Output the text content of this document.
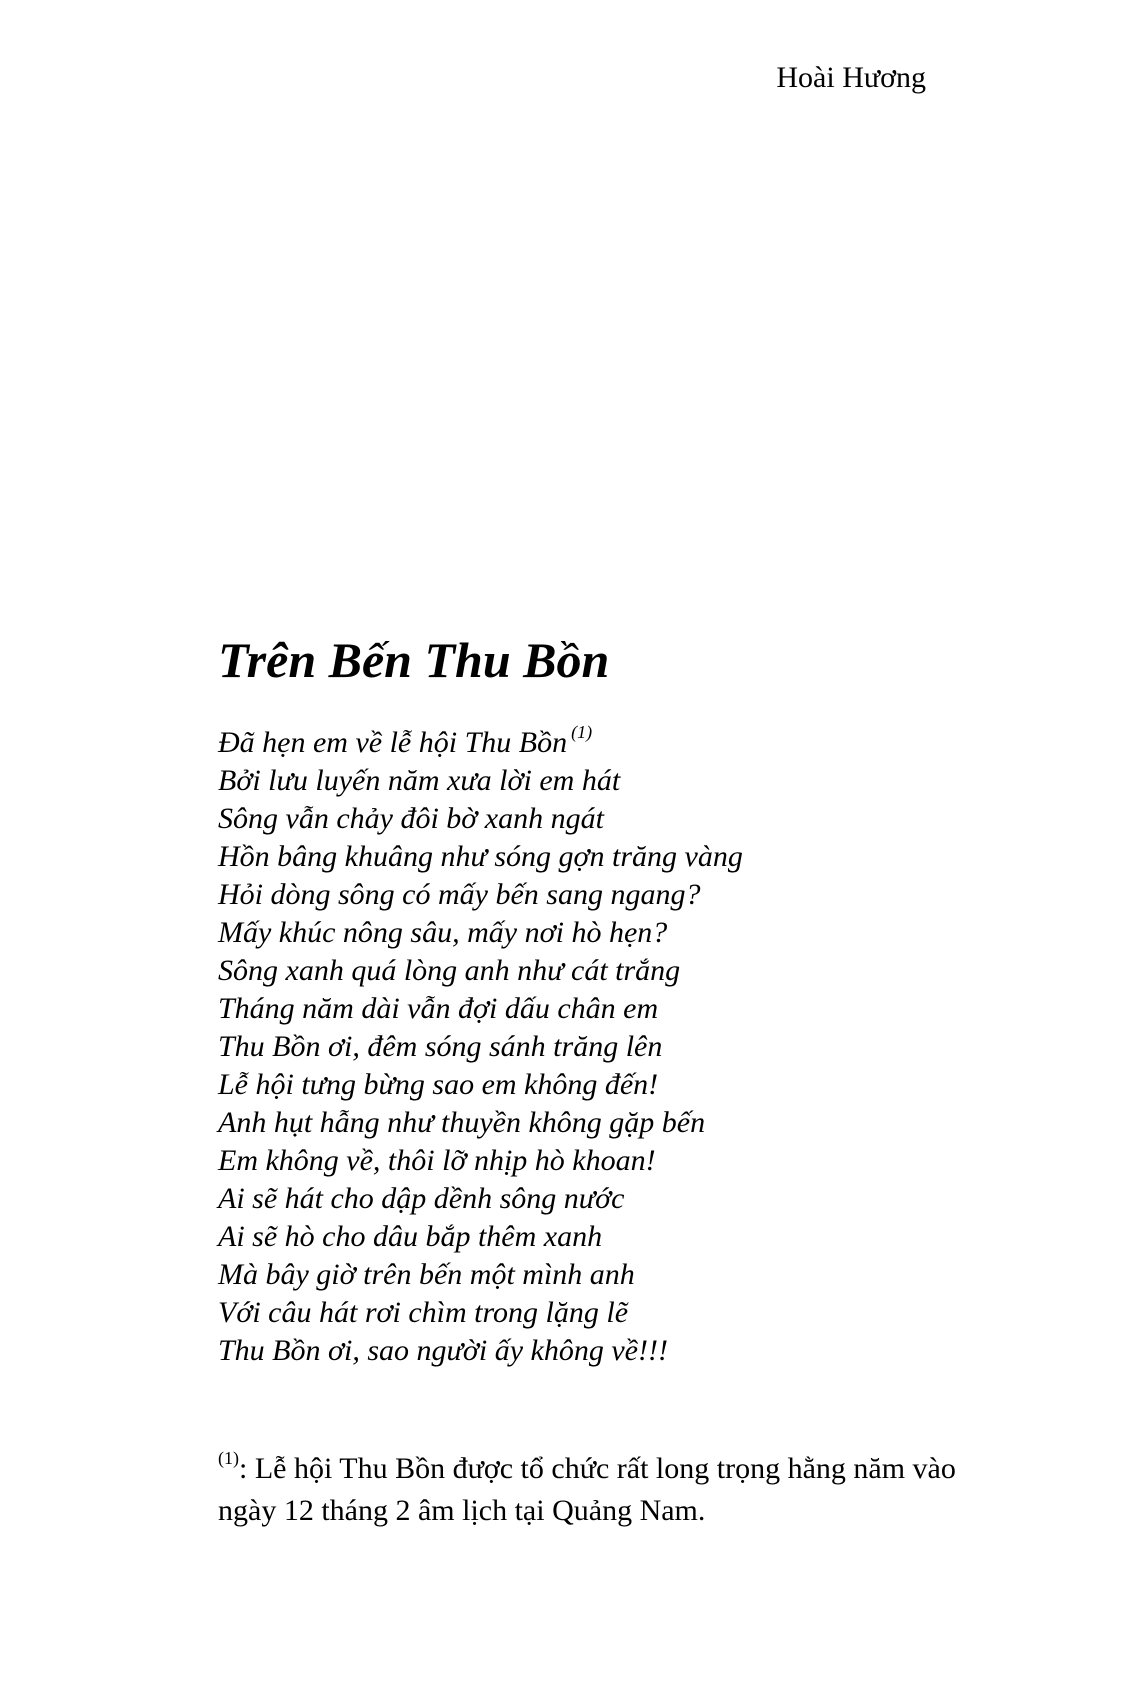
Hoài Hương
Trên Bến Thu Bồn
Đã hẹn em về lễ hội Thu Bồn $^{(1)}$
Bởi lưu luyến năm xưa lời em hát
Sông vẫn chảy đôi bờ xanh ngát
Hồn bâng khuâng như sóng gợn trăng vàng
Hỏi dòng sông có mấy bến sang ngang?
Mấy khúc nông sâu, mấy nơi hò hẹn?
Sông xanh quá lòng anh như cát trắng
Tháng năm dài vẫn đợi dấu chân em
Thu Bồn ơi, đêm sóng sánh trăng lên
Lễ hội tưng bừng sao em không đến!
Anh hụt hẫng như thuyền không gặp bến
Em không về, thôi lỡ nhịp hò khoan!
Ai sẽ hát cho dập dềnh sông nước
Ai sẽ hò cho dâu bắp thêm xanh
Mà bây giờ trên bến một mình anh
Với câu hát rơi chìm trong lặng lẽ
Thu Bồn ơi, sao người ấy không về!!!

$^{(1)}$: Lễ hội Thu Bồn được tổ chức rất long trọng hằng năm vào ngày 12 tháng 2 âm lịch tại Quảng Nam.
